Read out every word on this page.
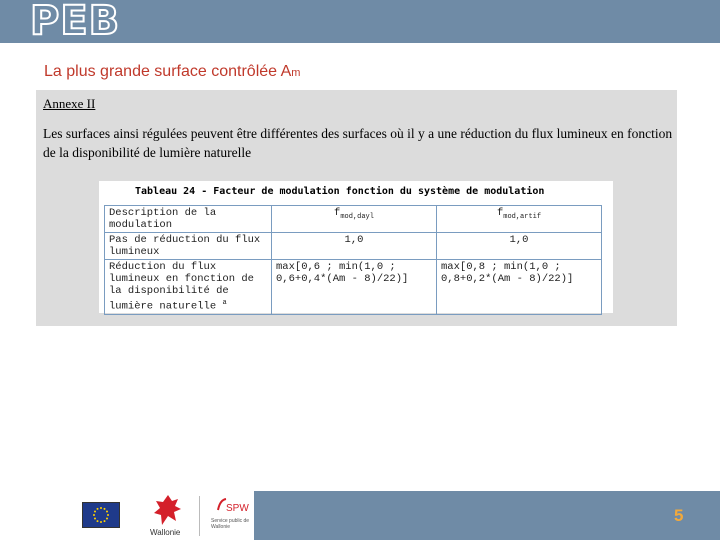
PEB
La plus grande surface contrôlée Am
Annexe II
Les surfaces ainsi régulées peuvent être différentes des surfaces où il y a une réduction du flux lumineux en fonction de la disponibilité de lumière naturelle
Tableau 24 - Facteur de modulation fonction du système de modulation
Description de la modulation	$f_{mod,dayl}$	$f_{mod,artif}$
Pas de réduction du flux lumineux	1,0	1,0
Réduction du flux lumineux en fonction de la disponibilité de lumière naturelle $^a$	max[0,6 ; min(1,0 ; 0,6+0,4*(Am - 8)/22)]	max[0,8 ; min(1,0 ; 0,8+0,2*(Am - 8)/22)]
Wallonie
SPW
Service public de Wallonie
5
